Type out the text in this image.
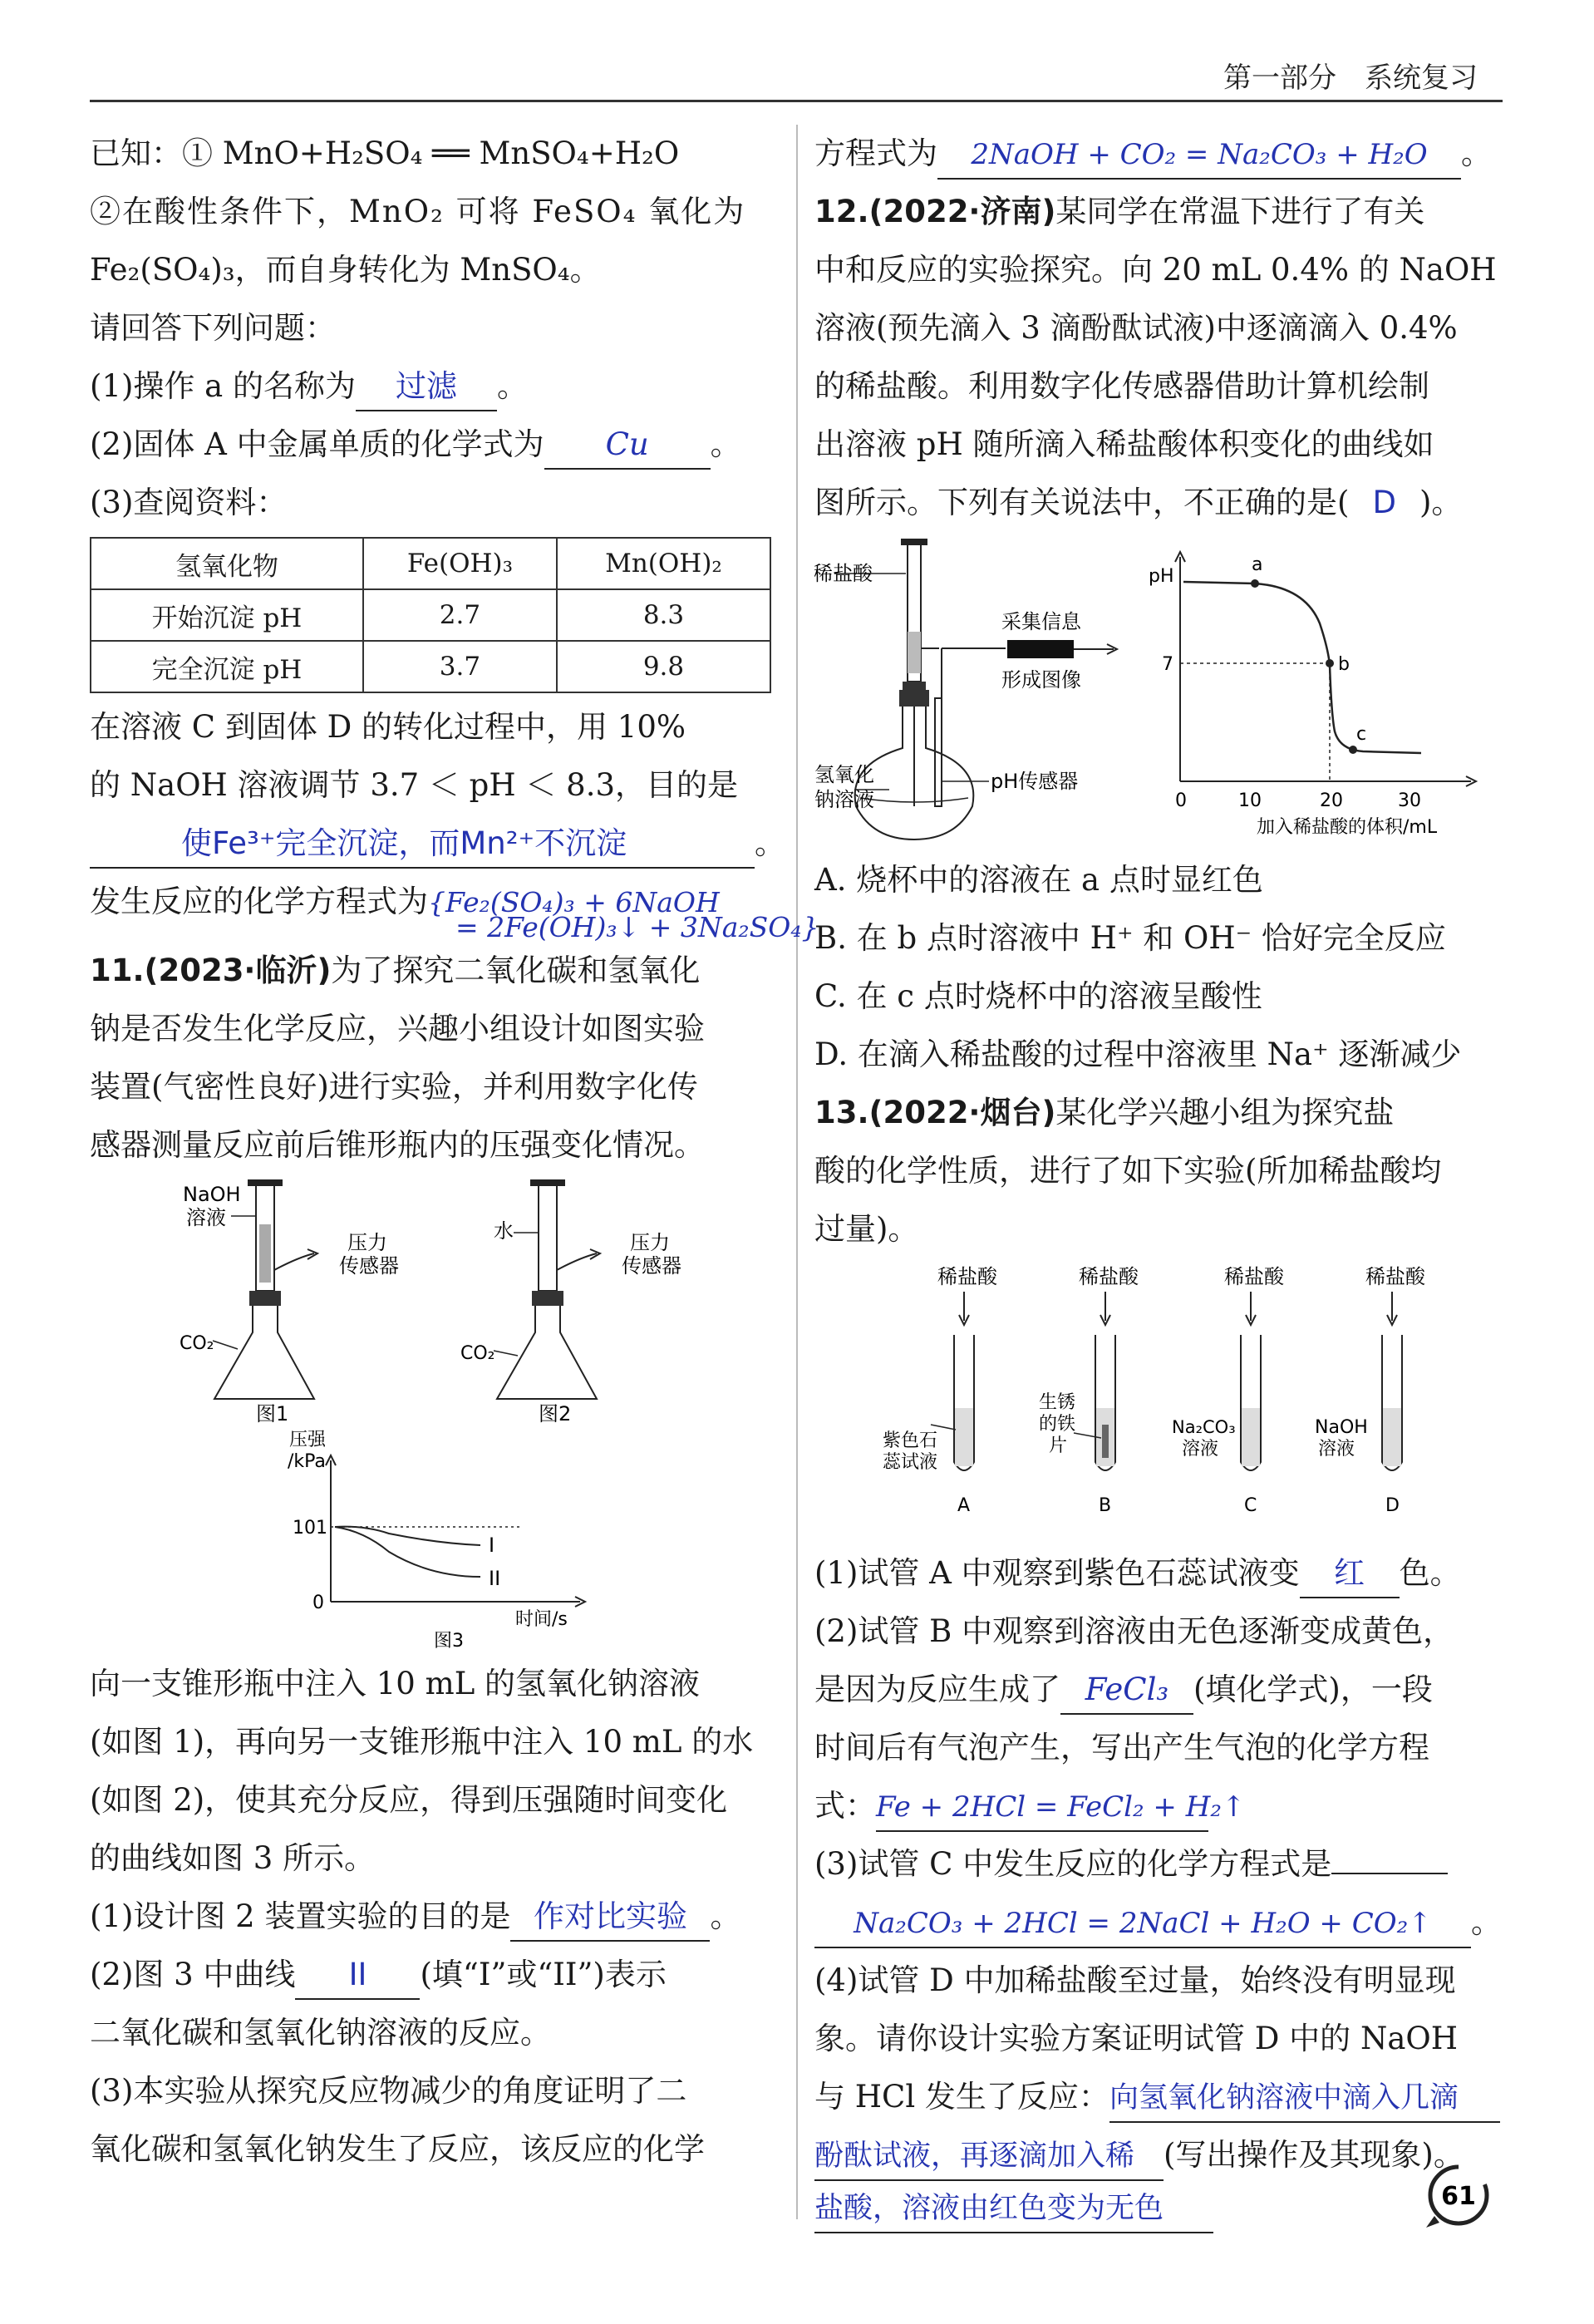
第一部分　系统复习
已知：① MnO+H₂SO₄ ══ MnSO₄+H₂O
②在酸性条件下，MnO₂ 可将 FeSO₄ 氧化为
Fe₂(SO₄)₃，而自身转化为 MnSO₄。
请回答下列问题：
(1)操作 a 的名称为 过滤 。
(2)固体 A 中金属单质的化学式为 Cu 。
(3)查阅资料：
氢氧化物	Fe(OH)₃	Mn(OH)₂
开始沉淀 pH	2.7	8.3
完全沉淀 pH	3.7	9.8
在溶液 C 到固体 D 的转化过程中，用 10%
的 NaOH 溶液调节 3.7 ＜ pH ＜ 8.3，目的是
使Fe³⁺完全沉淀，而Mn²⁺不沉淀	。
发生反应的化学方程式为{Fe₂(SO₄)₃ + 6NaOH
= 2Fe(OH)₃↓ + 3Na₂SO₄}
11.(2023·临沂)为了探究二氧化碳和氢氧化
钠是否发生化学反应，兴趣小组设计如图实验
装置(气密性良好)进行实验，并利用数字化传
感器测量反应前后锥形瓶内的压强变化情况。
NaOH
溶液
CO₂
压力
传感器
图1
水
CO₂
压力
传感器
图2

压强
/kPa
101
0
I
II
时间/s
图3
向一支锥形瓶中注入 10 mL 的氢氧化钠溶液
(如图 1)，再向另一支锥形瓶中注入 10 mL 的水
(如图 2)，使其充分反应，得到压强随时间变化
的曲线如图 3 所示。
(1)设计图 2 装置实验的目的是 作对比实验 。
(2)图 3 中曲线 II (填“I”或“II”)表示
二氧化碳和氢氧化钠溶液的反应。
(3)本实验从探究反应物减少的角度证明了二
氧化碳和氢氧化钠发生了反应，该反应的化学
方程式为 2NaOH + CO₂ = Na₂CO₃ + H₂O 。
12.(2022·济南)某同学在常温下进行了有关
中和反应的实验探究。向 20 mL 0.4% 的 NaOH
溶液(预先滴入 3 滴酚酞试液)中逐滴滴入 0.4%
的稀盐酸。利用数字化传感器借助计算机绘制
出溶液 pH 随所滴入稀盐酸体积变化的曲线如
图所示。下列有关说法中，不正确的是( D )。
稀盐酸
氢氧化
钠溶液
pH传感器
采集信息
形成图像
pH
7
a
b
c
0	10	20	30
加入稀盐酸的体积/mL
A. 烧杯中的溶液在 a 点时显红色
B. 在 b 点时溶液中 H⁺ 和 OH⁻ 恰好完全反应
C. 在 c 点时烧杯中的溶液呈酸性
D. 在滴入稀盐酸的过程中溶液里 Na⁺ 逐渐减少
13.(2022·烟台)某化学兴趣小组为探究盐
酸的化学性质，进行了如下实验(所加稀盐酸均
过量)。
稀盐酸	稀盐酸	稀盐酸	稀盐酸
紫色石
蕊试液
生锈
的铁
片
Na₂CO₃
溶液
NaOH
溶液
A	B	C	D
(1)试管 A 中观察到紫色石蕊试液变 红 色。
(2)试管 B 中观察到溶液由无色逐渐变成黄色，
是因为反应生成了 FeCl₃ (填化学式)，一段
时间后有气泡产生，写出产生气泡的化学方程
式：Fe + 2HCl = FeCl₂ + H₂↑
(3)试管 C 中发生反应的化学方程式是
Na₂CO₃ + 2HCl = 2NaCl + H₂O + CO₂↑ 。
(4)试管 D 中加稀盐酸至过量，始终没有明显现
象。请你设计实验方案证明试管 D 中的 NaOH
与 HCl 发生了反应：向氢氧化钠溶液中滴入几滴
酚酞试液，再逐滴加入稀 (写出操作及其现象)。
盐酸，溶液由红色变为无色	61
